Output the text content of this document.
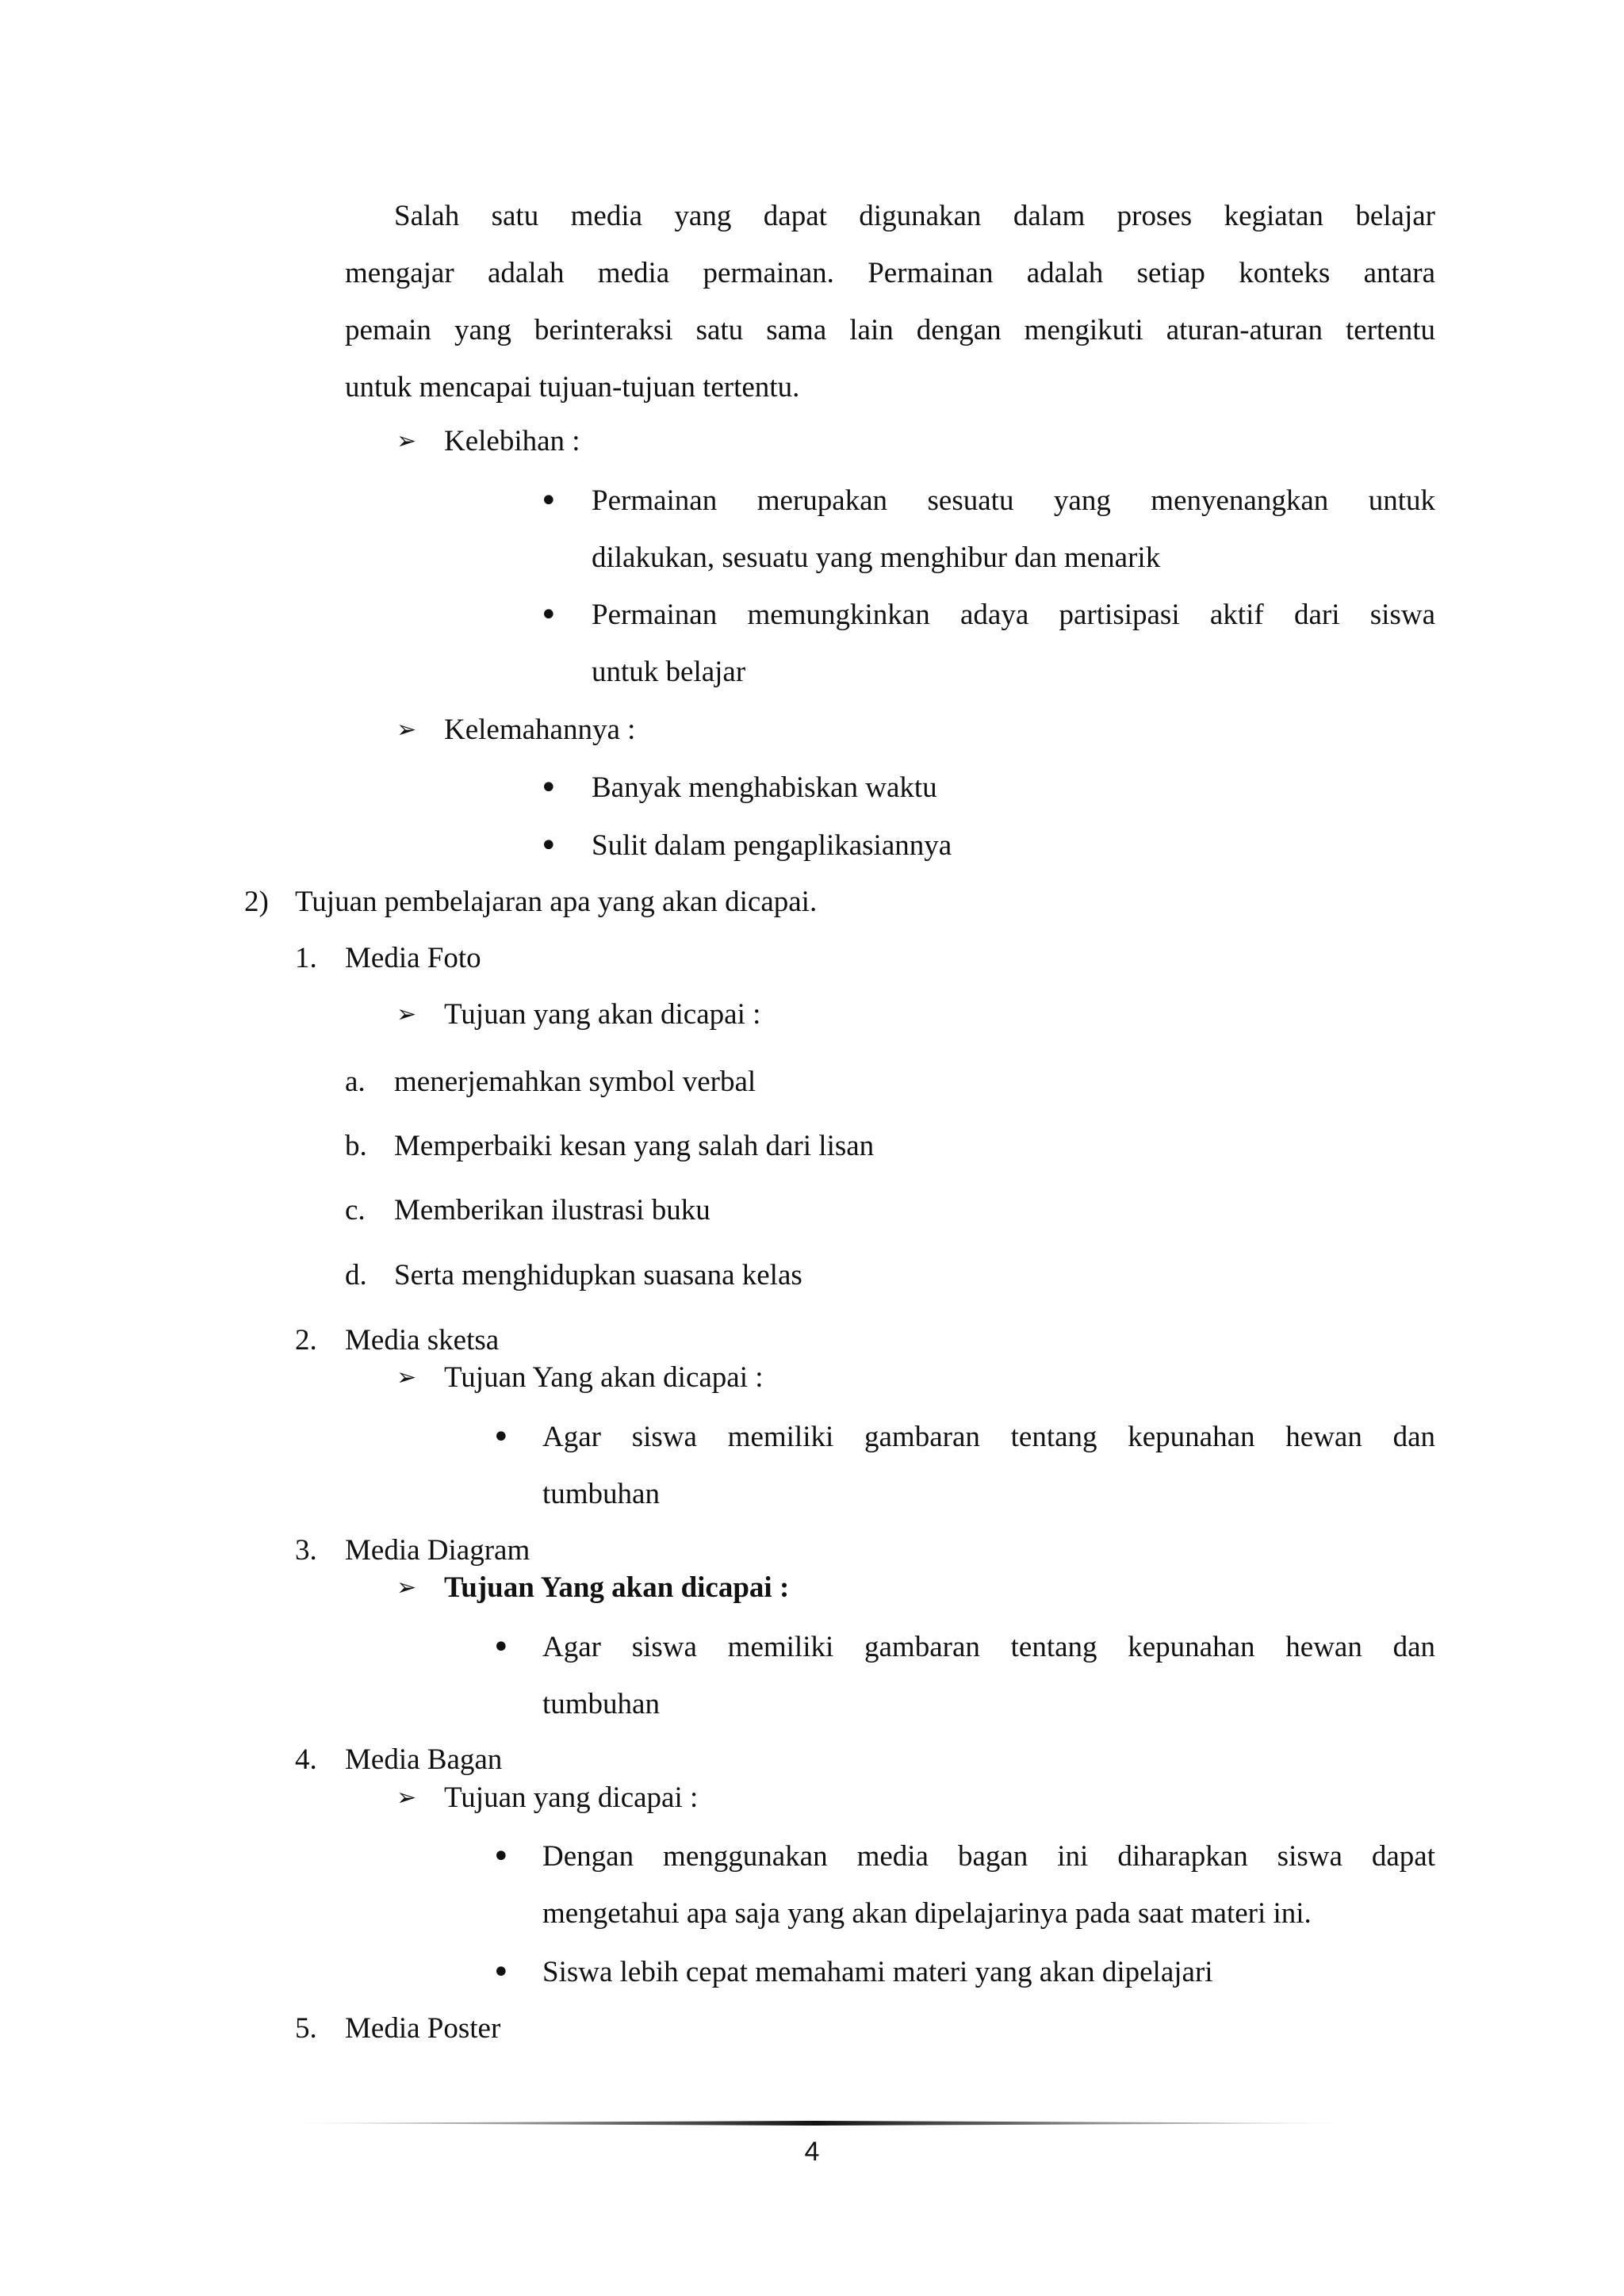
Salah satu media yang dapat digunakan dalam proses kegiatan belajar
mengajar adalah media permainan. Permainan adalah setiap konteks antara
pemain yang berinteraksi satu sama lain dengan mengikuti aturan-aturan tertentu
untuk mencapai tujuan-tujuan tertentu.
➢ Kelebihan :
• Permainan merupakan sesuatu yang menyenangkan untuk
dilakukan, sesuatu yang menghibur dan menarik
• Permainan memungkinkan adaya partisipasi aktif dari siswa
untuk belajar
➢ Kelemahannya :
• Banyak menghabiskan waktu
• Sulit dalam pengaplikasiannya
2) Tujuan pembelajaran apa yang akan dicapai.
1. Media Foto
➢ Tujuan yang akan dicapai :
a. menerjemahkan symbol verbal
b. Memperbaiki kesan yang salah dari lisan
c. Memberikan ilustrasi buku
d. Serta menghidupkan suasana kelas
2. Media sketsa
➢ Tujuan Yang akan dicapai :
• Agar siswa memiliki gambaran tentang kepunahan hewan dan
tumbuhan
3. Media Diagram
➢ Tujuan Yang akan dicapai :
• Agar siswa memiliki gambaran tentang kepunahan hewan dan
tumbuhan
4. Media Bagan
➢ Tujuan yang dicapai :
• Dengan menggunakan media bagan ini diharapkan siswa dapat
mengetahui apa saja yang akan dipelajarinya pada saat materi ini.
• Siswa lebih cepat memahami materi yang akan dipelajari
5. Media Poster
4
